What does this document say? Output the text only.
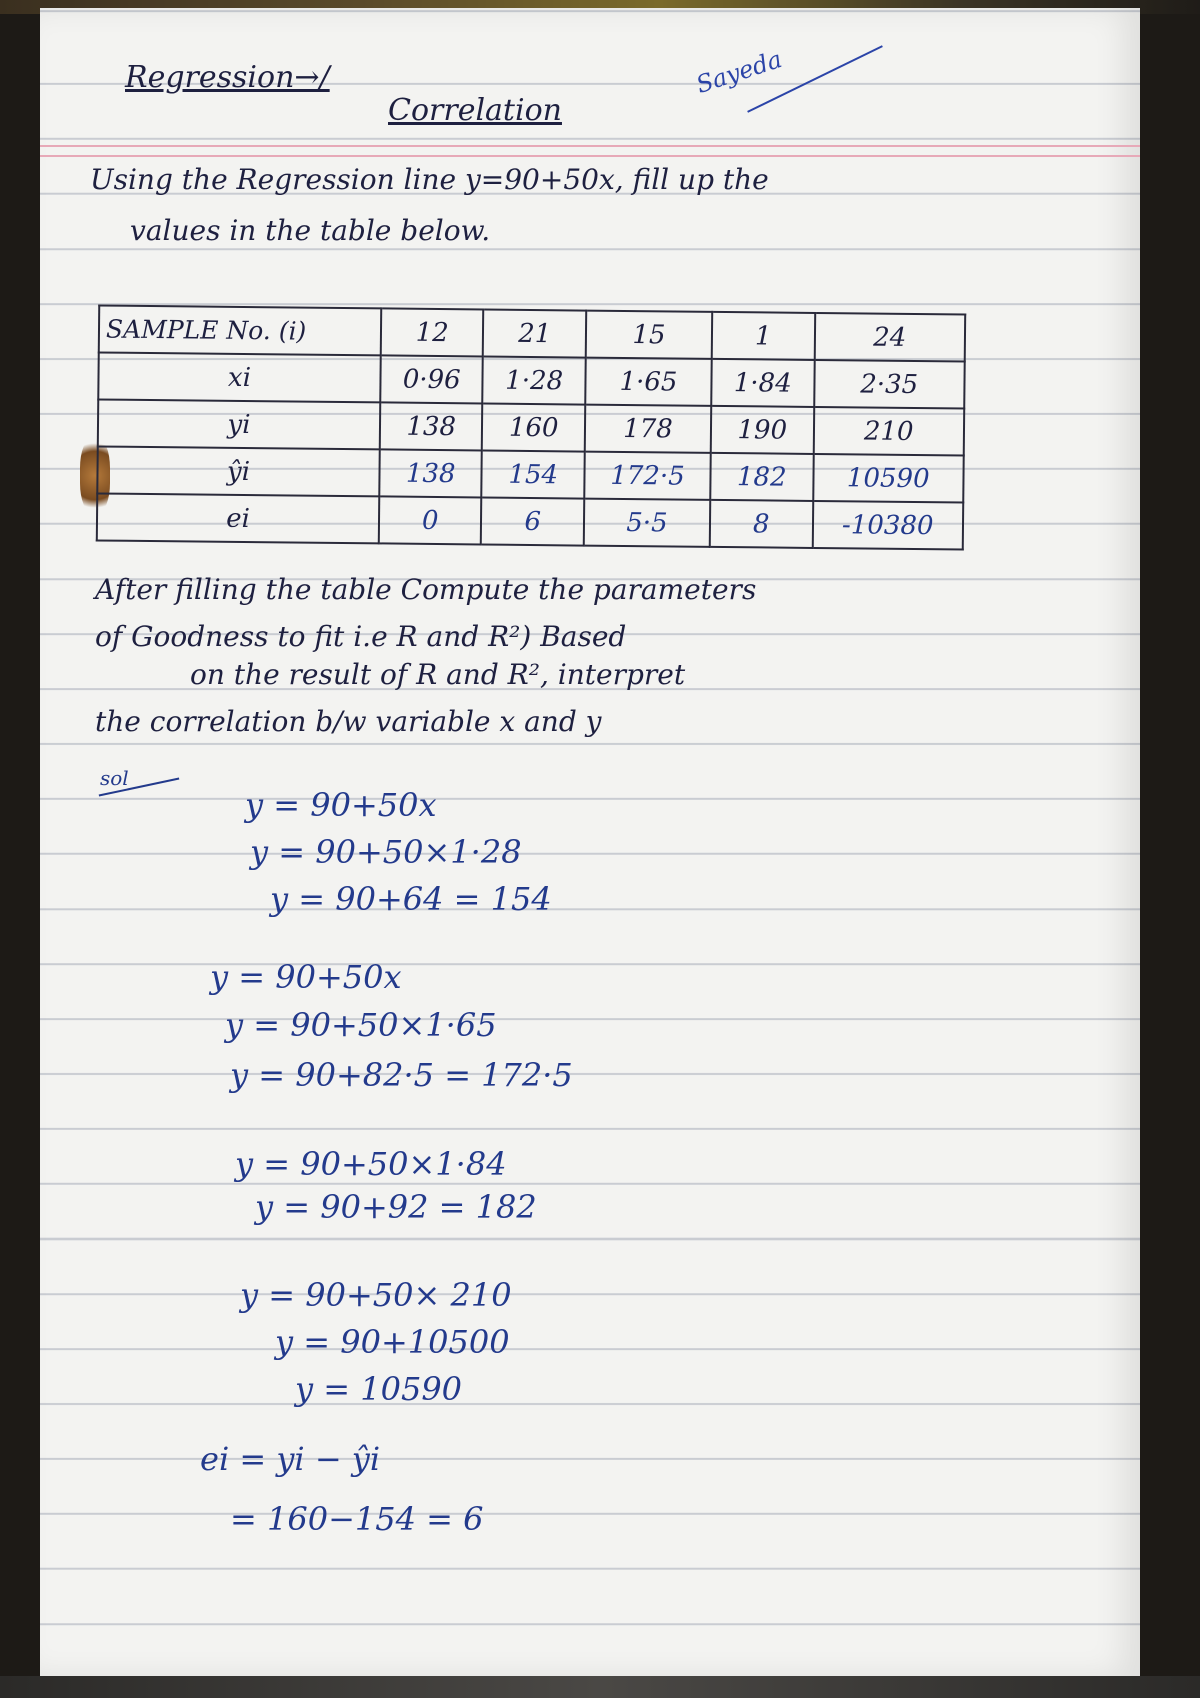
Regression→/
Correlation
Sayeda
Using the Regression line y=90+50x, fill up the
values in the table below.
SAMPLE No. (i)	12	21	15	1	24
xi	0·96	1·28	1·65	1·84	2·35
yi	138	160	178	190	210
ŷi	138	154	172·5	182	10590
ei	0	6	5·5	8	-10380
After filling the table Compute the parameters
of Goodness to fit i.e R and R²) Based
on the result of R and R², interpret
the correlation b/w variable x and y
sol
y = 90+50x
y = 90+50×1·28
y = 90+64 = 154
y = 90+50x
y = 90+50×1·65
y = 90+82·5 = 172·5
y = 90+50×1·84
y = 90+92 = 182
y = 90+50× 210
y = 90+10500
y = 10590
ei = yi − ŷi
= 160−154 = 6
